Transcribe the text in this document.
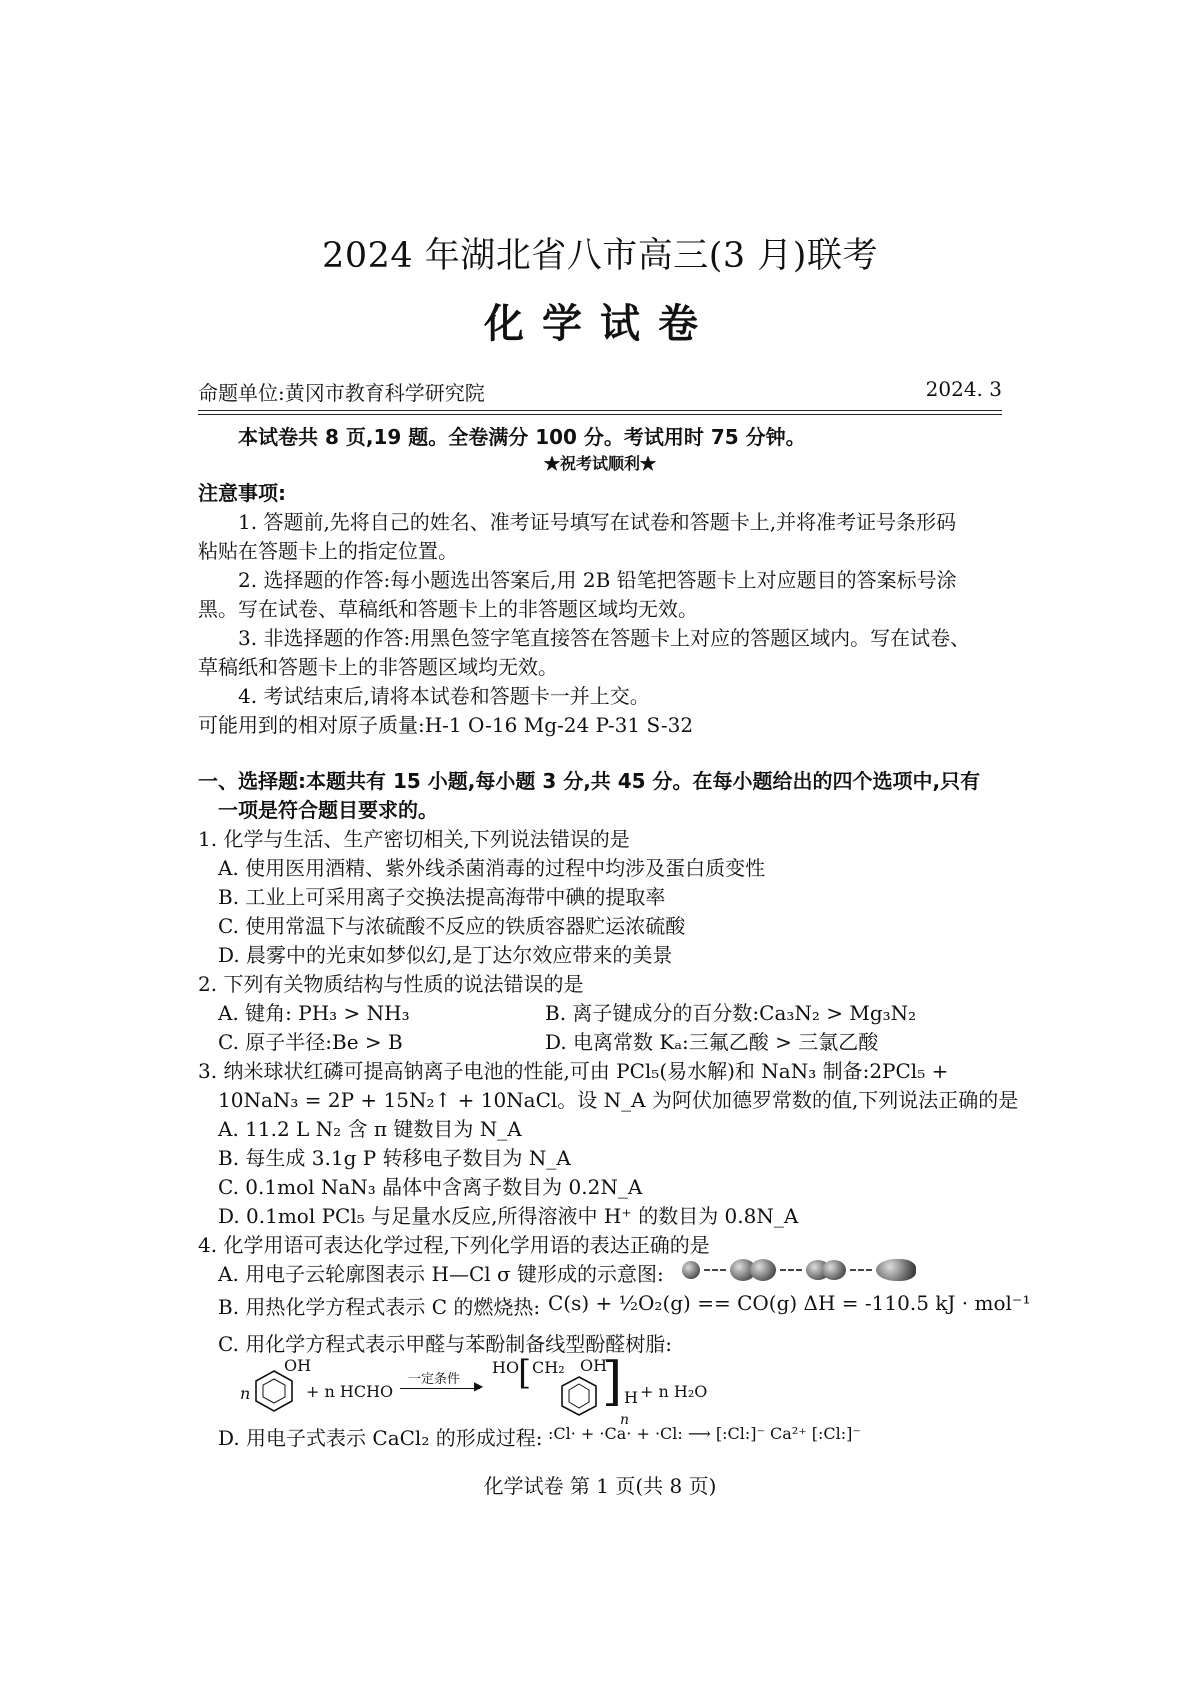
2024 年湖北省八市高三(3 月)联考
化学试卷
命题单位:黄冈市教育科学研究院	2024. 3
本试卷共 8 页,19 题。全卷满分 100 分。考试用时 75 分钟。
★祝考试顺利★
注意事项:
1. 答题前,先将自己的姓名、准考证号填写在试卷和答题卡上,并将准考证号条形码
粘贴在答题卡上的指定位置。
2. 选择题的作答:每小题选出答案后,用 2B 铅笔把答题卡上对应题目的答案标号涂
黑。写在试卷、草稿纸和答题卡上的非答题区域均无效。
3. 非选择题的作答:用黑色签字笔直接答在答题卡上对应的答题区域内。写在试卷、
草稿纸和答题卡上的非答题区域均无效。
4. 考试结束后,请将本试卷和答题卡一并上交。
可能用到的相对原子质量:H-1 O-16 Mg-24 P-31 S-32
一、选择题:本题共有 15 小题,每小题 3 分,共 45 分。在每小题给出的四个选项中,只有
一项是符合题目要求的。
1. 化学与生活、生产密切相关,下列说法错误的是
A. 使用医用酒精、紫外线杀菌消毒的过程中均涉及蛋白质变性
B. 工业上可采用离子交换法提高海带中碘的提取率
C. 使用常温下与浓硫酸不反应的铁质容器贮运浓硫酸
D. 晨雾中的光束如梦似幻,是丁达尔效应带来的美景
2. 下列有关物质结构与性质的说法错误的是
A. 键角: PH₃ > NH₃	B. 离子键成分的百分数:Ca₃N₂ > Mg₃N₂
C. 原子半径:Be > B	D. 电离常数 Kₐ:三氟乙酸 > 三氯乙酸
3. 纳米球状红磷可提高钠离子电池的性能,可由 PCl₅(易水解)和 NaN₃ 制备:2PCl₅ +
10NaN₃ = 2P + 15N₂↑ + 10NaCl。设 N_A 为阿伏加德罗常数的值,下列说法正确的是
A. 11.2 L N₂ 含 π 键数目为 N_A
B. 每生成 3.1g P 转移电子数目为 N_A
C. 0.1mol NaN₃ 晶体中含离子数目为 0.2N_A
D. 0.1mol PCl₅ 与足量水反应,所得溶液中 H⁺ 的数目为 0.8N_A
4. 化学用语可表达化学过程,下列化学用语的表达正确的是
A. 用电子云轮廓图表示 H—Cl σ 键形成的示意图:
B. 用热化学方程式表示 C 的燃烧热: C(s) + ½O₂(g) == CO(g) ΔH = -110.5 kJ · mol⁻¹
C. 用化学方程式表示甲醛与苯酚制备线型酚醛树脂:
n
OH
+ n HCHO
一定条件 ▶
HO
[ CH₂ OH
] H
n
+ n H₂O
D. 用电子式表示 CaCl₂ 的形成过程: :Cl· + ·Ca· + ·Cl: ⟶ [:Cl:]⁻ Ca²⁺ [:Cl:]⁻
化学试卷 第 1 页(共 8 页)
